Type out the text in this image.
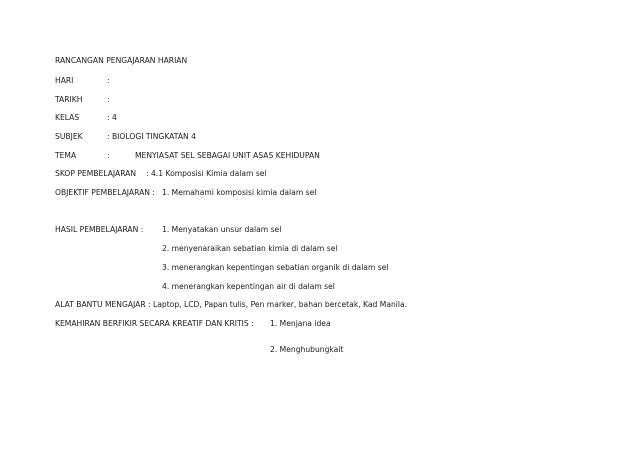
RANCANGAN PENGAJARAN HARIAN
HARI	:
TARIKH	:
KELAS	: 4
SUBJEK	: BIOLOGI TINGKATAN 4
TEMA	:	MENYIASAT SEL SEBAGAI UNIT ASAS KEHIDUPAN
SKOP PEMBELAJARAN : 4.1 Komposisi Kimia dalam sel
OBJEKTIF PEMBELAJARAN : 1. Memahami komposisi kimia dalam sel
HASIL PEMBELAJARAN : 1. Menyatakan unsur dalam sel
2. menyenaraikan sebatian kimia di dalam sel
3. menerangkan kepentingan sebatian organik di dalam sel
4. menerangkan kepentingan air di dalam sel
ALAT BANTU MENGAJAR : Laptop, LCD, Papan tulis, Pen marker, bahan bercetak, Kad Manila.
KEMAHIRAN BERFIKIR SECARA KREATIF DAN KRITIS : 1. Menjana idea
2. Menghubungkait
